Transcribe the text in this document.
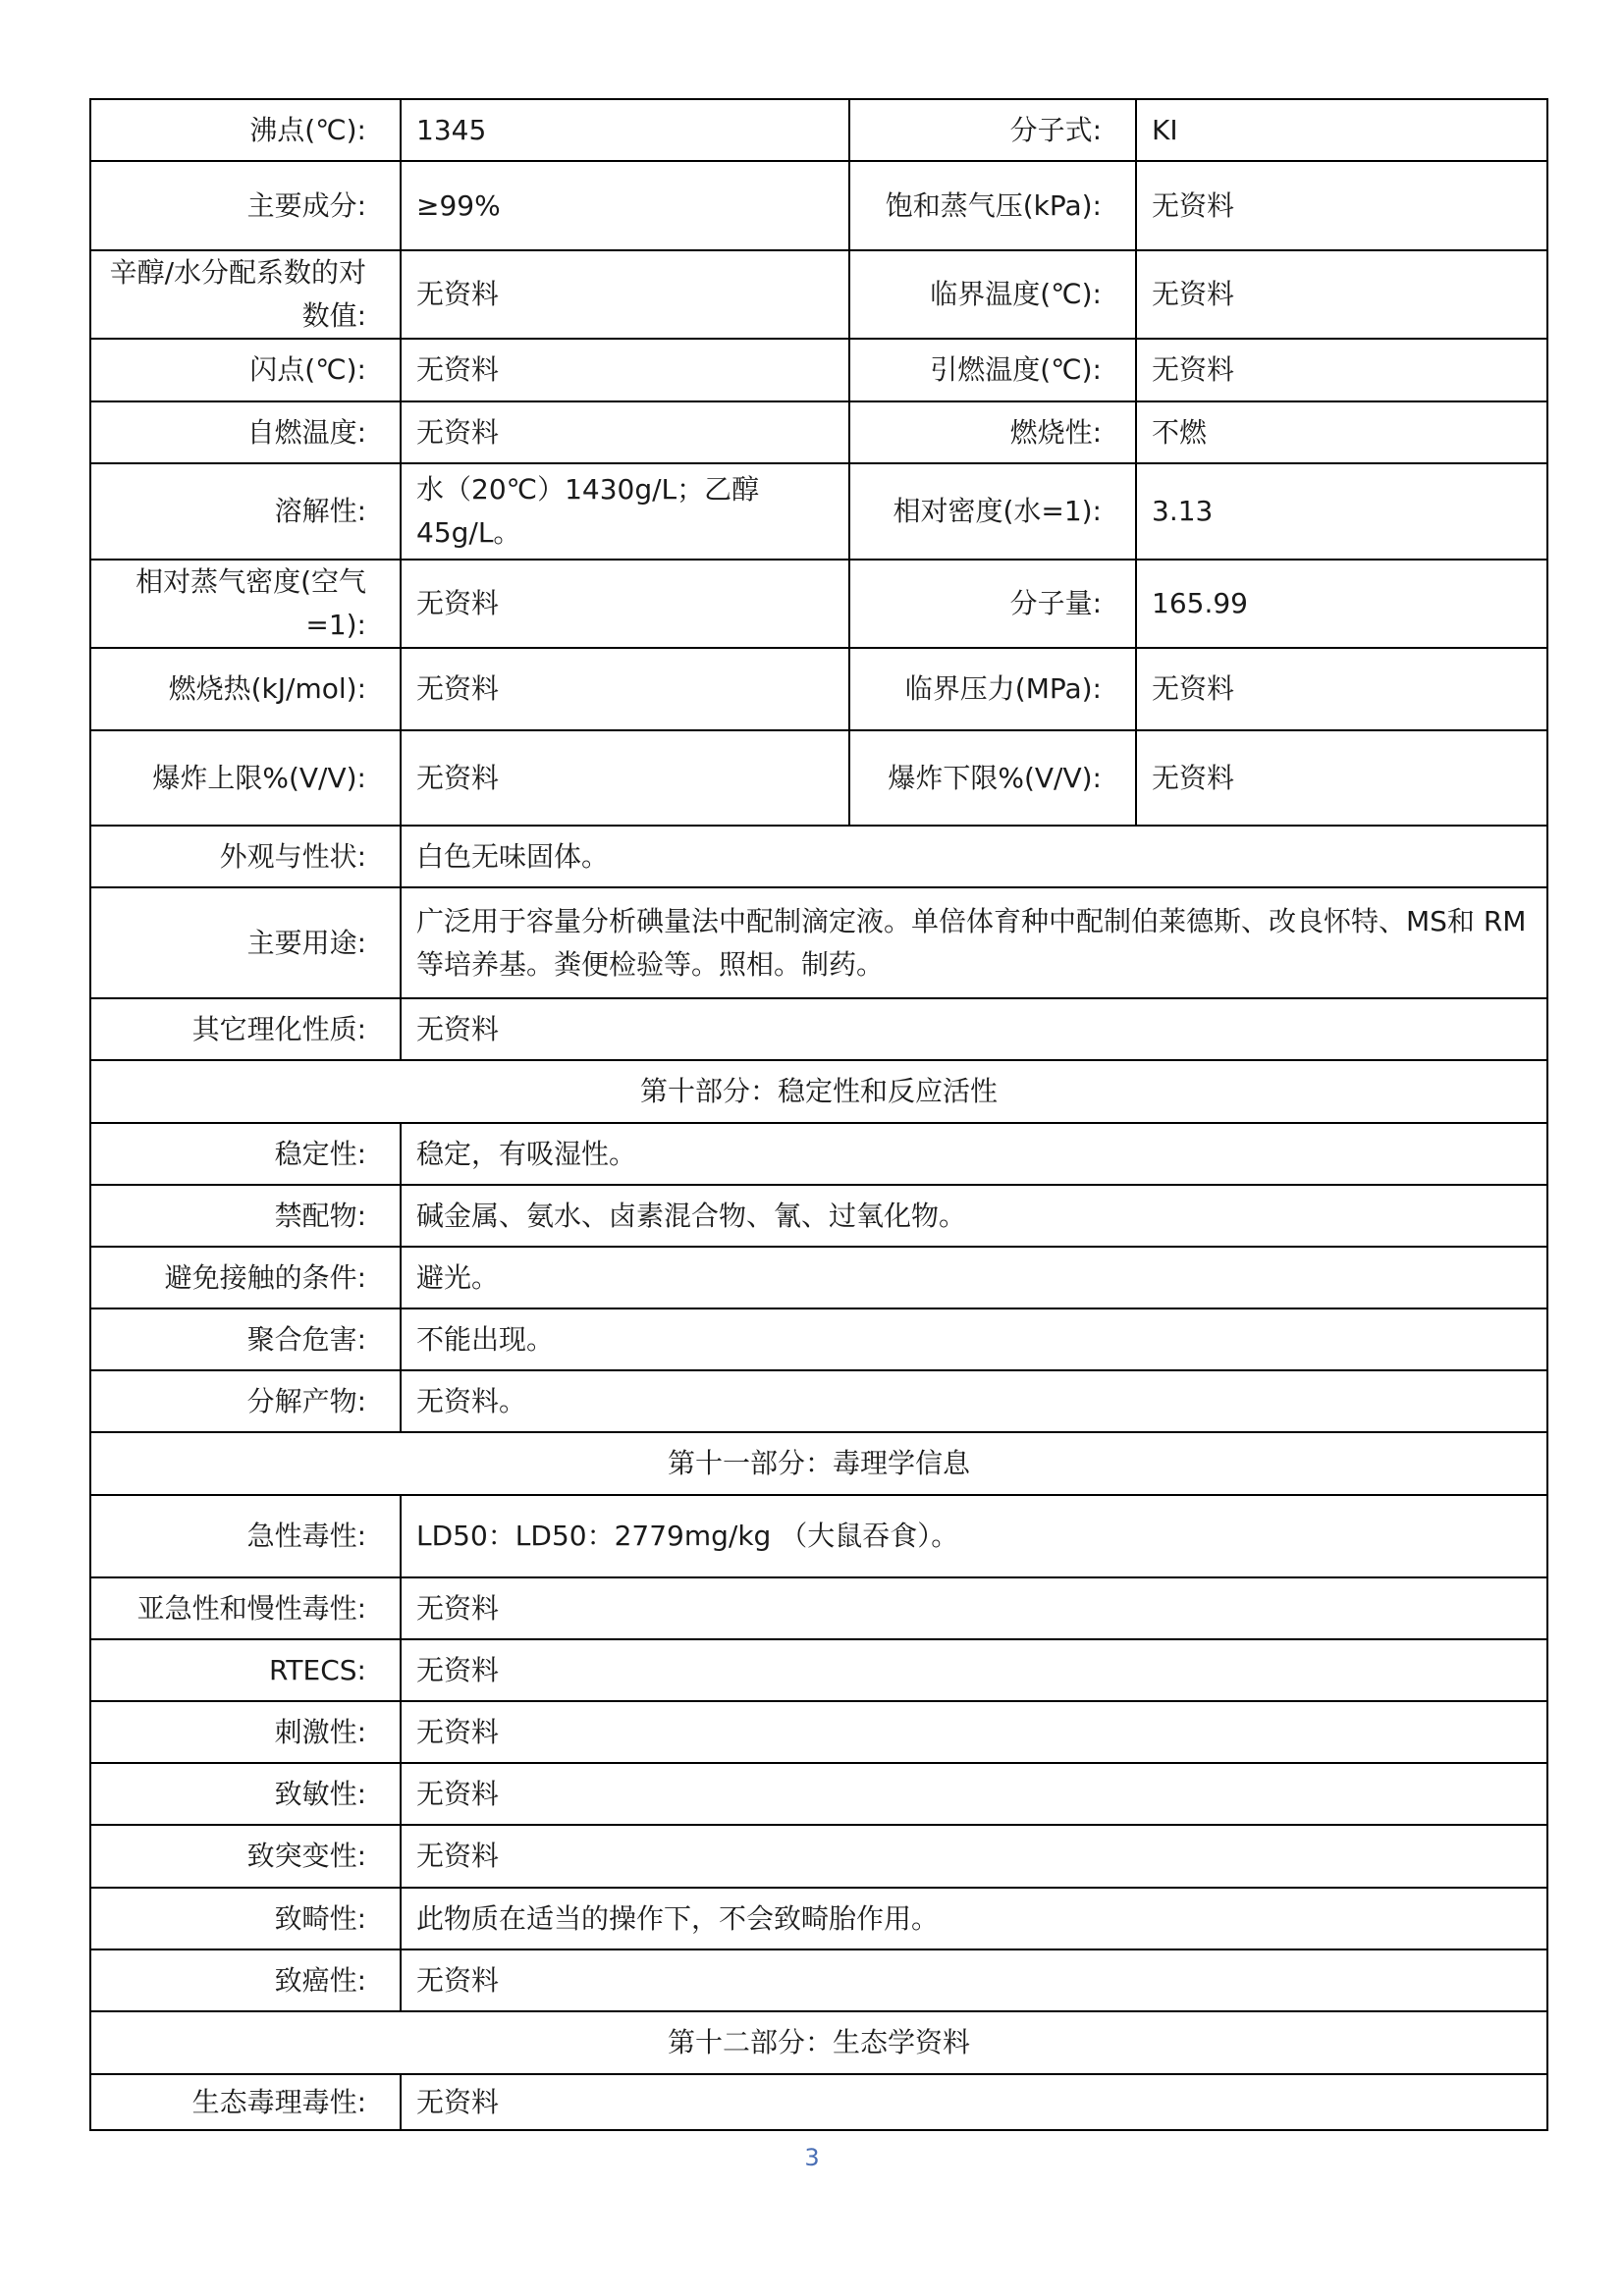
沸点(℃):	1345	分子式:	KI
主要成分:	≥99%	饱和蒸气压(kPa):	无资料
辛醇/水分配系数的对数值:	无资料	临界温度(℃):	无资料
闪点(℃):	无资料	引燃温度(℃):	无资料
自燃温度:	无资料	燃烧性:	不燃
溶解性:	水（20℃）1430g/L；乙醇45g/L。	相对密度(水=1):	3.13
相对蒸气密度(空气=1):	无资料	分子量:	165.99
燃烧热(kJ/mol):	无资料	临界压力(MPa):	无资料
爆炸上限%(V/V):	无资料	爆炸下限%(V/V):	无资料
外观与性状:	白色无味固体。		
主要用途:	广泛用于容量分析碘量法中配制滴定液。单倍体育种中配制伯莱德斯、改良怀特、MS和 RM 等培养基。粪便检验等。照相。制药。		
其它理化性质:	无资料		
第十部分：稳定性和反应活性			
稳定性:	稳定，有吸湿性。		
禁配物:	碱金属、氨水、卤素混合物、氰、过氧化物。		
避免接触的条件:	避光。		
聚合危害:	不能出现。		
分解产物:	无资料。		
第十一部分：毒理学信息			
急性毒性:	LD50：LD50：2779mg/kg （大鼠吞食）。		
亚急性和慢性毒性:	无资料		
RTECS:	无资料		
刺激性:	无资料		
致敏性:	无资料		
致突变性:	无资料		
致畸性:	此物质在适当的操作下，不会致畸胎作用。		
致癌性:	无资料		
第十二部分：生态学资料			
生态毒理毒性:	无资料		
3
